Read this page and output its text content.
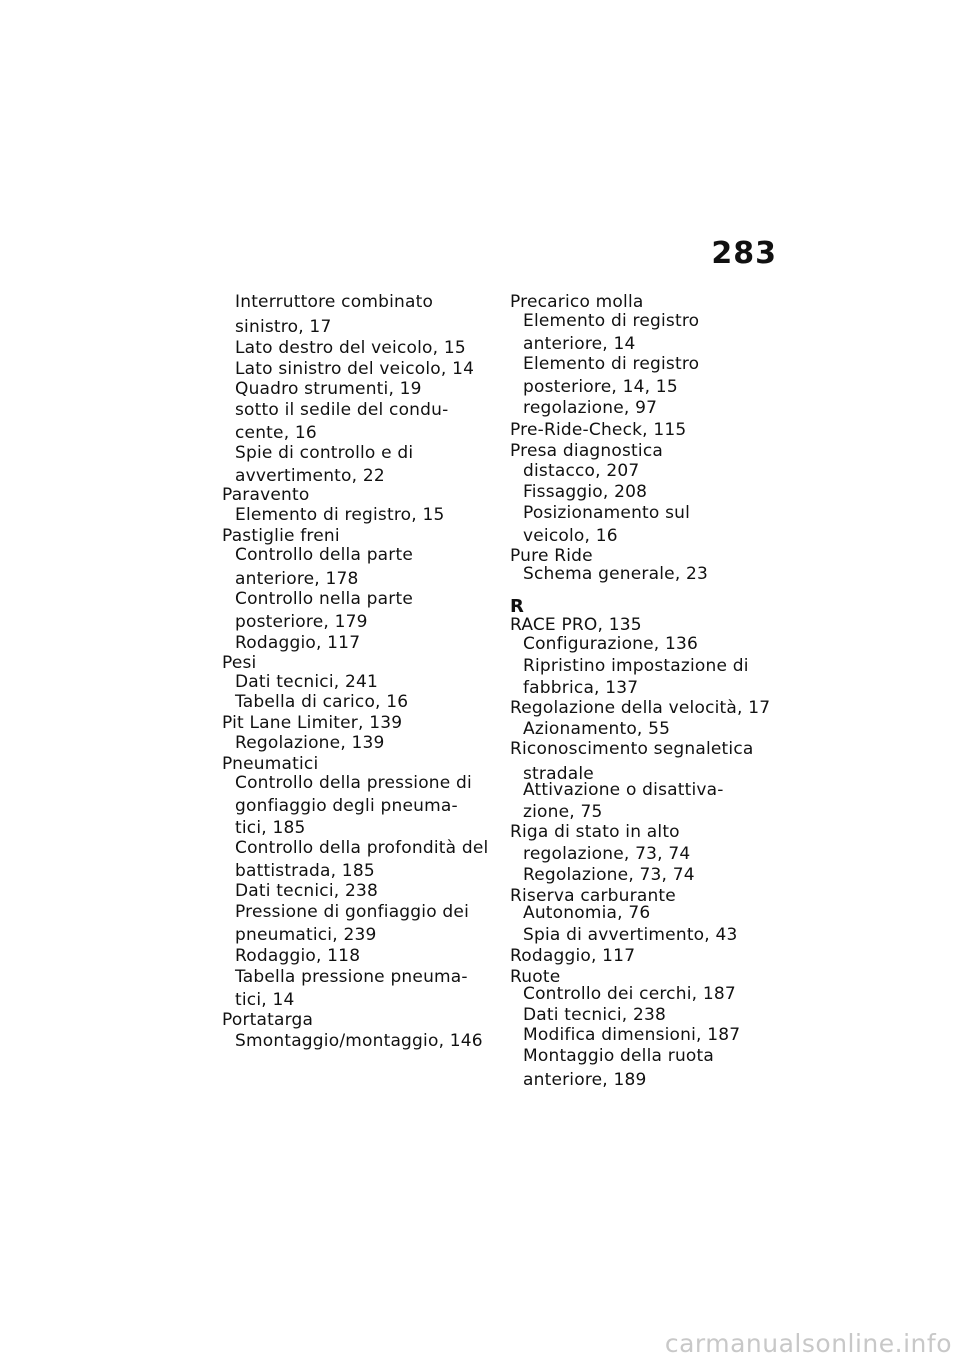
283
Interruttore combinato
sinistro, 17
Lato destro del veicolo, 15
Lato sinistro del veicolo, 14
Quadro strumenti, 19
sotto il sedile del condu-
cente, 16
Spie di controllo e di
avvertimento, 22
Paravento
Elemento di registro, 15
Pastiglie freni
Controllo della parte
anteriore, 178
Controllo nella parte
posteriore, 179
Rodaggio, 117
Pesi
Dati tecnici, 241
Tabella di carico, 16
Pit Lane Limiter, 139
Regolazione, 139
Pneumatici
Controllo della pressione di
gonfiaggio degli pneuma-
tici, 185
Controllo della profondità del
battistrada, 185
Dati tecnici, 238
Pressione di gonfiaggio dei
pneumatici, 239
Rodaggio, 118
Tabella pressione pneuma-
tici, 14
Portatarga
Smontaggio/montaggio, 146
Precarico molla
Elemento di registro
anteriore, 14
Elemento di registro
posteriore, 14, 15
regolazione, 97
Pre-Ride-Check, 115
Presa diagnostica
distacco, 207
Fissaggio, 208
Posizionamento sul
veicolo, 16
Pure Ride
Schema generale, 23
R
RACE PRO, 135
Configurazione, 136
Ripristino impostazione di
fabbrica, 137
Regolazione della velocità, 17
Azionamento, 55
Riconoscimento segnaletica
stradale
Attivazione o disattiva-
zione, 75
Riga di stato in alto
regolazione, 73, 74
Regolazione, 73, 74
Riserva carburante
Autonomia, 76
Spia di avvertimento, 43
Rodaggio, 117
Ruote
Controllo dei cerchi, 187
Dati tecnici, 238
Modifica dimensioni, 187
Montaggio della ruota
anteriore, 189
carmanualsonline.info
